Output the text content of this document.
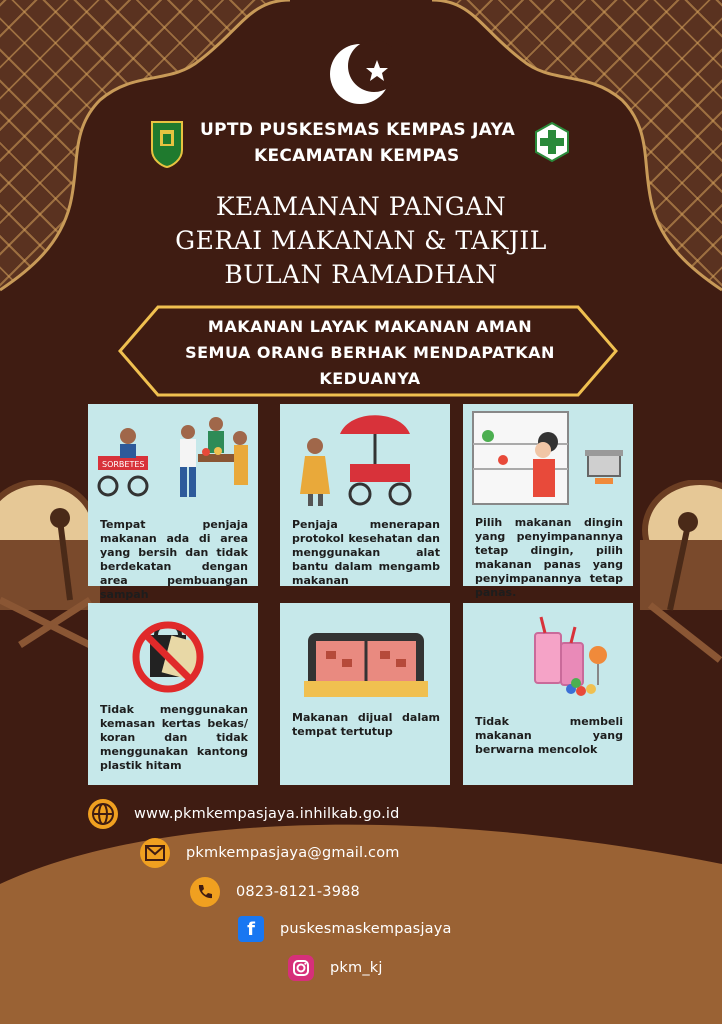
UPTD PUSKESMAS KEMPAS JAYA
KECAMATAN KEMPAS
KEAMANAN PANGAN
GERAI MAKANAN & TAKJIL
BULAN RAMADHAN
MAKANAN LAYAK MAKANAN AMAN
SEMUA ORANG BERHAK MENDAPATKAN
KEDUANYA
SORBETES
Tempat penjaja makanan ada di area yang bersih dan tidak berdekatan dengan area pembuangan sampah
Penjaja menerapan protokol kesehatan dan menggunakan alat bantu dalam mengamb makanan
Pilih makanan dingin yang penyimpanannya tetap dingin, pilih makanan panas yang penyimpanannya tetap panas.
Tidak menggunakan kemasan kertas bekas/ koran dan tidak menggunakan kantong plastik hitam
Makanan dijual dalam tempat tertutup
Tidak membeli makanan yang berwarna mencolok
www.pkmkempasjaya.inhilkab.go.id
pkmkempasjaya@gmail.com
0823-8121-3988
f puskesmaskempasjaya
pkm_kj
